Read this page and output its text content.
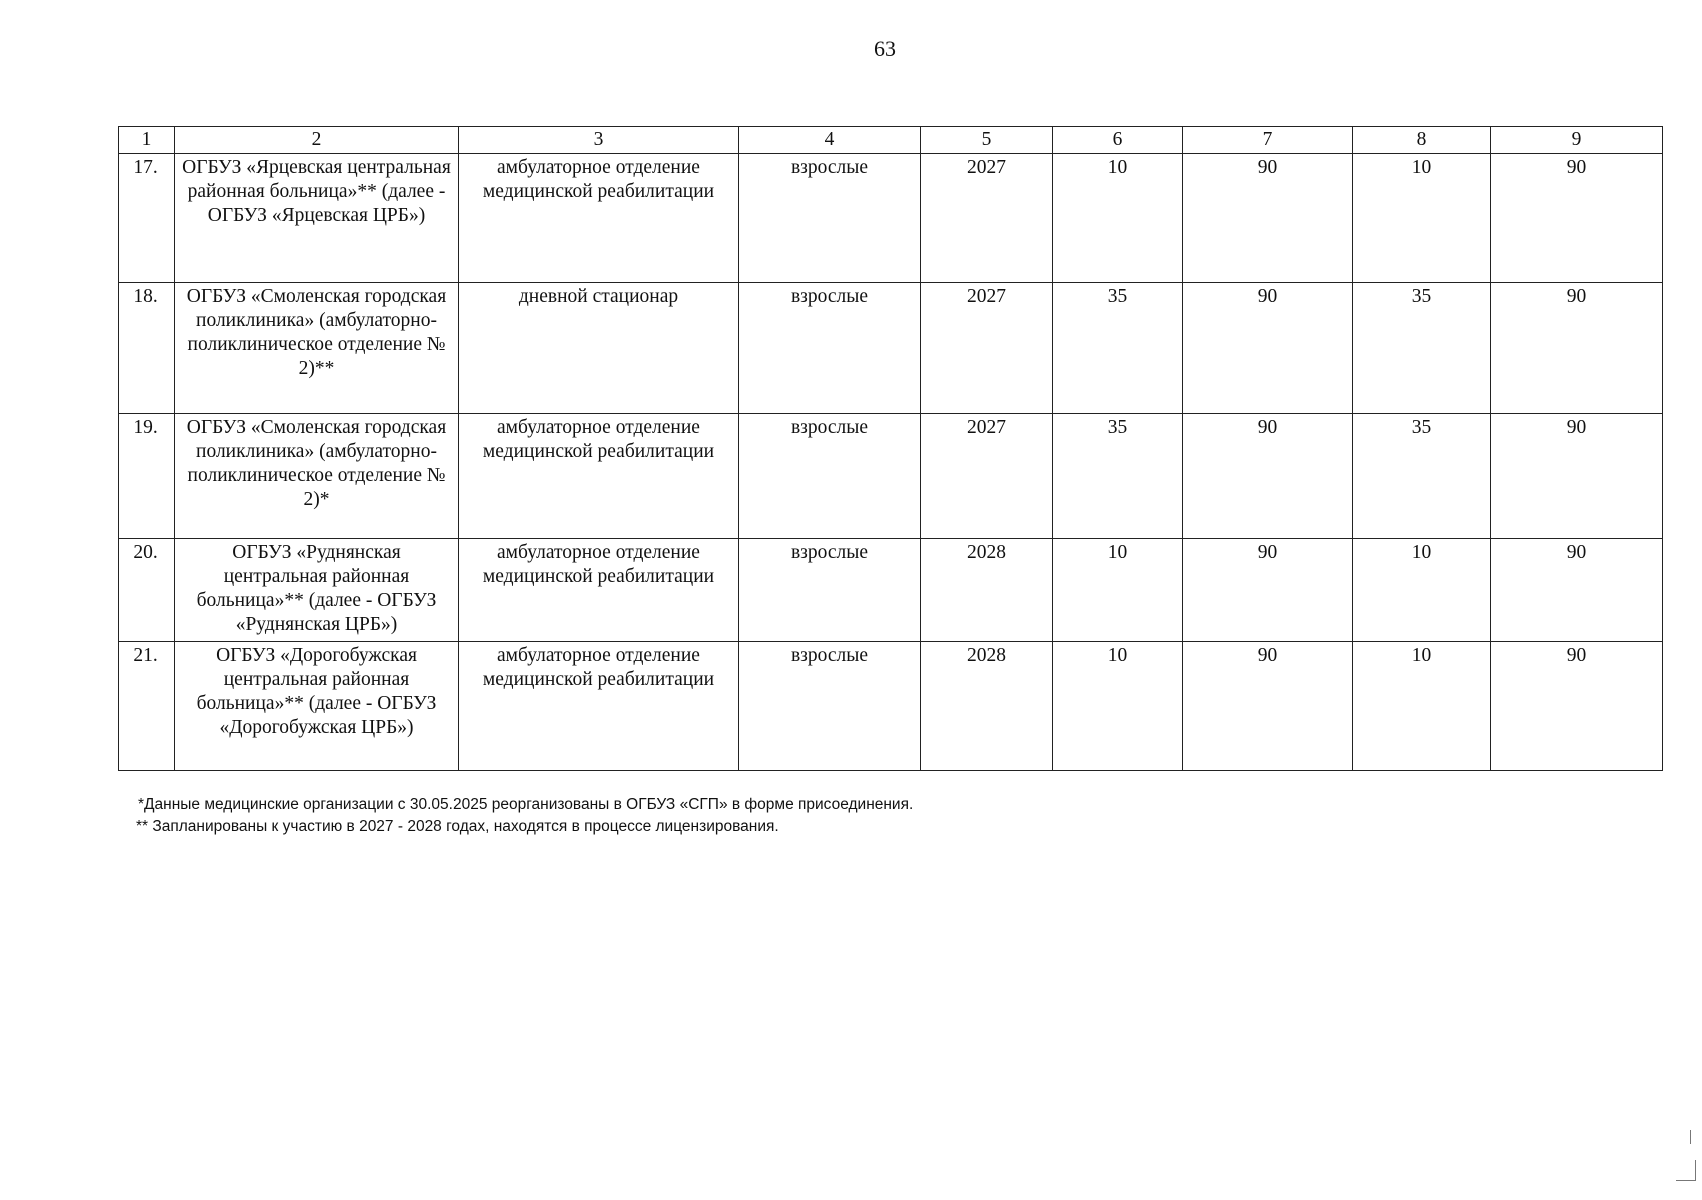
63
1	2	3	4	5	6	7	8	9
17.	ОГБУЗ «Ярцевская центральная районная больница»** (далее - ОГБУЗ «Ярцевская ЦРБ»)	амбулаторное отделение медицинской реабилитации	взрослые	2027	10	90	10	90
18.	ОГБУЗ «Смоленская городская поликлиника» (амбулаторно-поликлиническое отделение № 2)**	дневной стационар	взрослые	2027	35	90	35	90
19.	ОГБУЗ «Смоленская городская поликлиника» (амбулаторно-поликлиническое отделение № 2)*	амбулаторное отделение медицинской реабилитации	взрослые	2027	35	90	35	90
20.	ОГБУЗ «Руднянская центральная районная больница»** (далее - ОГБУЗ «Руднянская ЦРБ»)	амбулаторное отделение медицинской реабилитации	взрослые	2028	10	90	10	90
21.	ОГБУЗ «Дорогобужская центральная районная больница»** (далее - ОГБУЗ «Дорогобужская ЦРБ»)	амбулаторное отделение медицинской реабилитации	взрослые	2028	10	90	10	90
*Данные медицинские организации с 30.05.2025 реорганизованы в ОГБУЗ «СГП» в форме присоединения.
** Запланированы к участию в 2027 - 2028 годах, находятся в процессе лицензирования.
